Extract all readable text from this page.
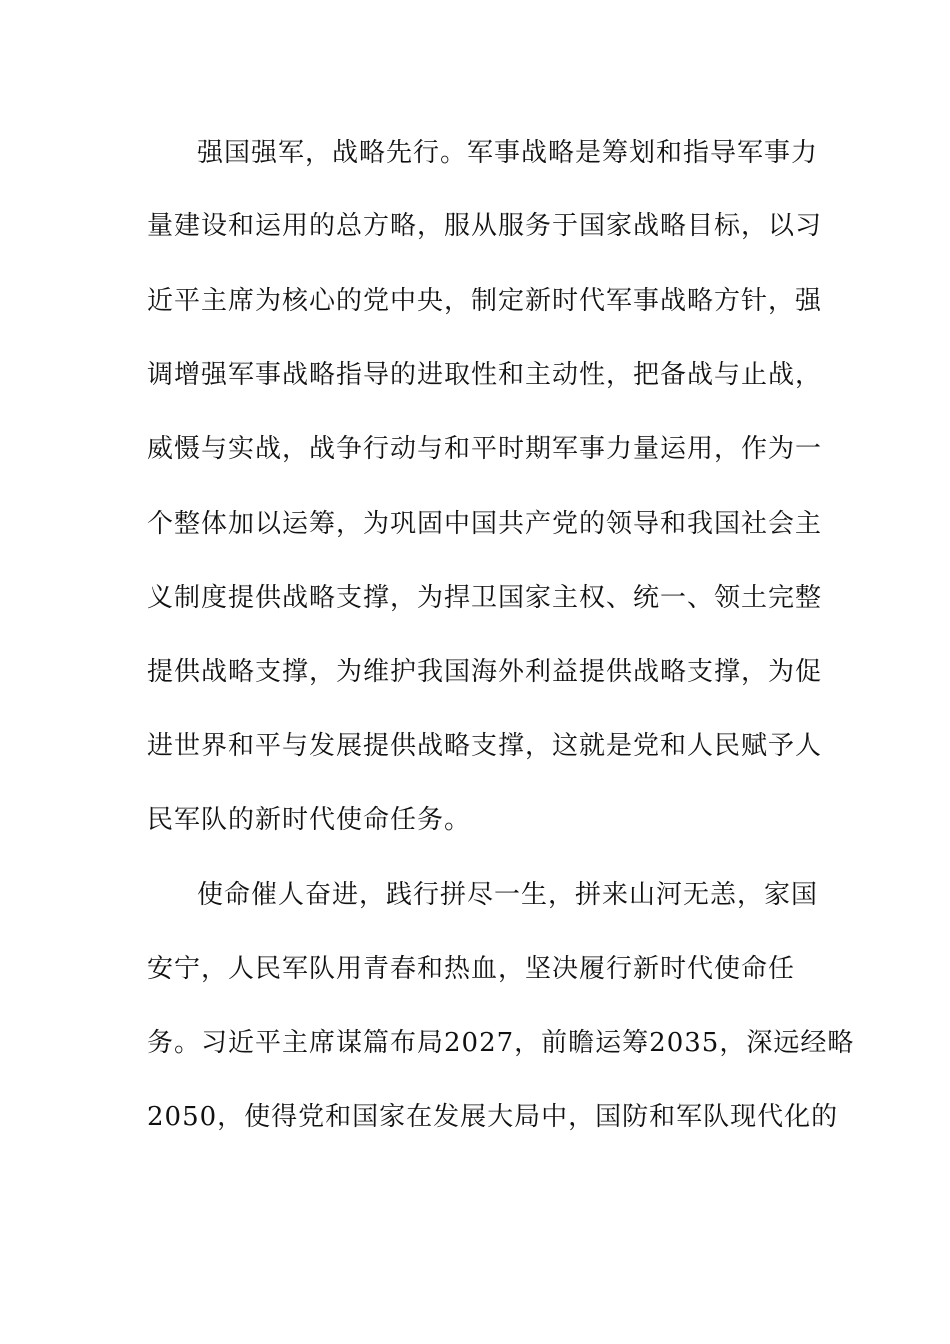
强国强军，战略先行。军事战略是筹划和指导军事力
量建设和运用的总方略，服从服务于国家战略目标，以习
近平主席为核心的党中央，制定新时代军事战略方针，强
调增强军事战略指导的进取性和主动性，把备战与止战，
威慑与实战，战争行动与和平时期军事力量运用，作为一
个整体加以运筹，为巩固中国共产党的领导和我国社会主
义制度提供战略支撑，为捍卫国家主权、统一、领土完整
提供战略支撑，为维护我国海外利益提供战略支撑，为促
进世界和平与发展提供战略支撑，这就是党和人民赋予人
民军队的新时代使命任务。
使命催人奋进，践行拼尽一生，拼来山河无恙，家国
安宁，人民军队用青春和热血，坚决履行新时代使命任
务。习近平主席谋篇布局2027，前瞻运筹2035，深远经略
2050，使得党和国家在发展大局中，国防和军队现代化的
